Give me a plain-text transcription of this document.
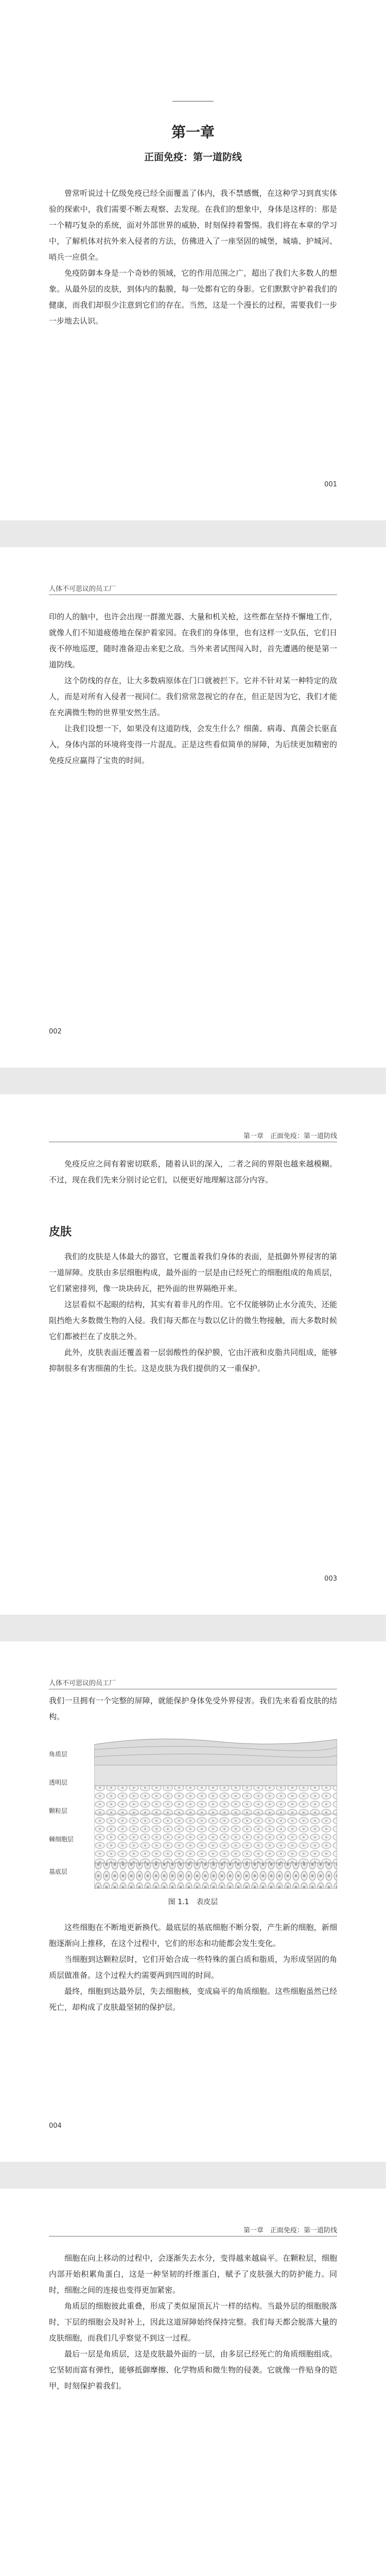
第一章
正面免疫：第一道防线

曾常听说过十亿级免疫已经全面覆盖了体内，我不禁感慨，在这种学习到真实体验的探索中，我们需要不断去观察、去发现。在我们的想象中，身体是这样的：那是一个精巧复杂的系统，面对外部世界的威胁，时刻保持着警惕。我们将在本章的学习中，了解机体对抗外来入侵者的方法，仿佛进入了一座坚固的城堡，城墙、护城河、哨兵一应俱全。

免疫防御本身是一个奇妙的领域，它的作用范围之广，超出了我们大多数人的想象。从最外层的皮肤，到体内的黏膜，每一处都有它的身影。它们默默守护着我们的健康，而我们却很少注意到它们的存在。当然，这是一个漫长的过程，需要我们一步一步地去认识。

001
人体不可思议的员工厂

印的人的脑中，也许会出现一群激光器、大量和机关枪，这些都在坚持不懈地工作，就像人们不知道疲倦地在保护着家园。在我们的身体里，也有这样一支队伍，它们日夜不停地巡逻，随时准备迎击来犯之敌。当外来者试图闯入时，首先遭遇的便是第一道防线。

这个防线的存在，让大多数病原体在门口就被拦下。它并不针对某一种特定的敌人，而是对所有入侵者一视同仁。我们常常忽视它的存在，但正是因为它，我们才能在充满微生物的世界里安然生活。

让我们设想一下，如果没有这道防线，会发生什么？细菌、病毒、真菌会长驱直入，身体内部的环境将变得一片混乱。正是这些看似简单的屏障，为后续更加精密的免疫反应赢得了宝贵的时间。

002
第一章　正面免疫：第一道防线

免疫反应之间有着密切联系，随着认识的深入，二者之间的界限也越来越模糊。不过，现在我们先来分别讨论它们，以便更好地理解这部分内容。

皮肤

我们的皮肤是人体最大的器官，它覆盖着我们身体的表面，是抵御外界侵害的第一道屏障。皮肤由多层细胞构成，最外面的一层是由已经死亡的细胞组成的角质层，它们紧密排列，像一块块砖瓦，把外面的世界隔绝开来。

这层看似不起眼的结构，其实有着非凡的作用。它不仅能够防止水分流失，还能阻挡绝大多数微生物的入侵。我们每天都在与数以亿计的微生物接触，而大多数时候它们都被拦在了皮肤之外。

此外，皮肤表面还覆盖着一层弱酸性的保护膜，它由汗液和皮脂共同组成，能够抑制很多有害细菌的生长。这是皮肤为我们提供的又一重保护。

003
人体不可思议的员工厂

我们一旦拥有一个完整的屏障，就能保护身体免受外界侵害。我们先来看看皮肤的结构。

角质层
透明层
颗粒层
棘细胞层
基底层
图 1.1　表皮层

这些细胞在不断地更新换代。最底层的基底细胞不断分裂，产生新的细胞，新细胞逐渐向上推移，在这个过程中，它们的形态和功能都会发生变化。

当细胞到达颗粒层时，它们开始合成一些特殊的蛋白质和脂质，为形成坚固的角质层做准备。这个过程大约需要两到四周的时间。

最终，细胞到达最外层，失去细胞核，变成扁平的角质细胞。这些细胞虽然已经死亡，却构成了皮肤最坚韧的保护层。

004
第一章　正面免疫：第一道防线

细胞在向上移动的过程中，会逐渐失去水分，变得越来越扁平。在颗粒层，细胞内部开始积累角蛋白，这是一种坚韧的纤维蛋白，赋予了皮肤强大的防护能力。同时，细胞之间的连接也变得更加紧密。

角质层的细胞彼此重叠，形成了类似屋顶瓦片一样的结构。当最外层的细胞脱落时，下层的细胞会及时补上，因此这道屏障始终保持完整。我们每天都会脱落大量的皮肤细胞，而我们几乎察觉不到这一过程。

最后一层是角质层，这是皮肤最外面的一层，由多层已经死亡的角质细胞组成。它坚韧而富有弹性，能够抵御摩擦、化学物质和微生物的侵袭。它就像一件贴身的铠甲，时刻保护着我们。
